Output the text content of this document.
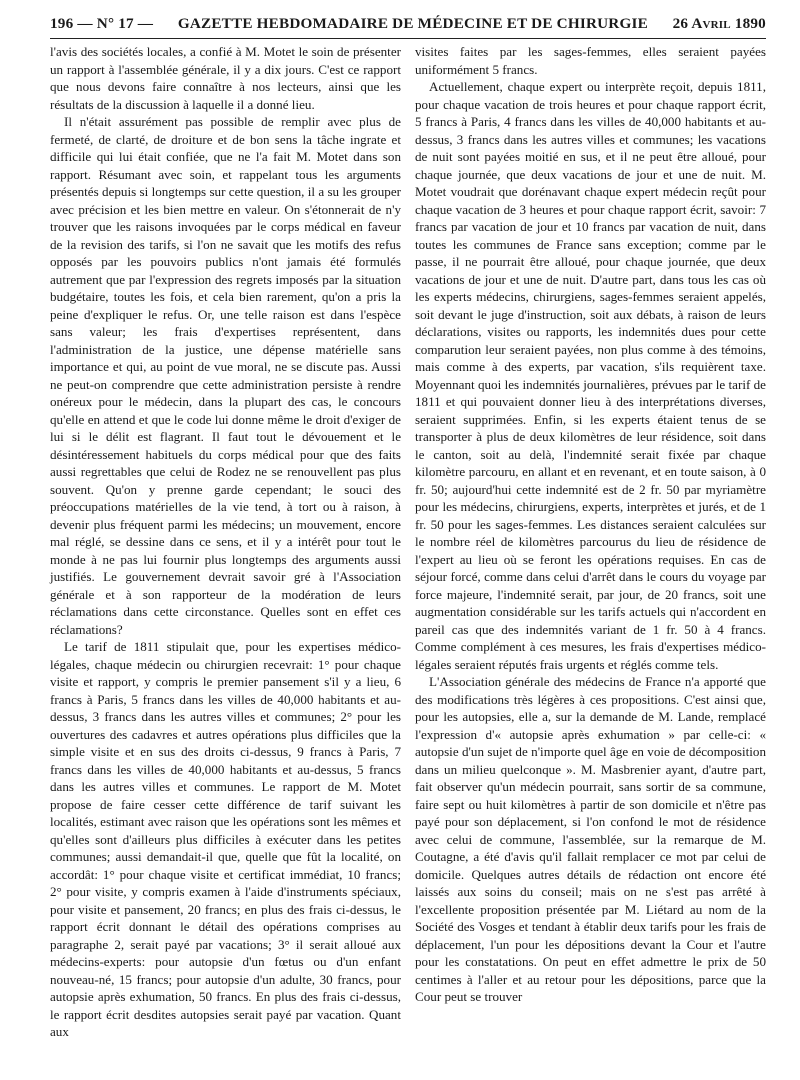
196 — N° 17 — GAZETTE HEBDOMADAIRE DE MÉDECINE ET DE CHIRURGIE 26 Avril 1890

l'avis des sociétés locales, a confié à M. Motet le soin de présenter un rapport à l'assemblée générale, il y a dix jours. C'est ce rapport que nous devons faire connaître à nos lecteurs, ainsi que les résultats de la discussion à laquelle il a donné lieu.

Il n'était assurément pas possible de remplir avec plus de fermeté, de clarté, de droiture et de bon sens la tâche ingrate et difficile qui lui était confiée, que ne l'a fait M. Motet dans son rapport. Résumant avec soin, et rappelant tous les arguments présentés depuis si longtemps sur cette question, il a su les grouper avec précision et les bien mettre en valeur. On s'étonnerait de n'y trouver que les raisons invoquées par le corps médical en faveur de la revision des tarifs, si l'on ne savait que les motifs des refus opposés par les pouvoirs publics n'ont jamais été formulés autrement que par l'expression des regrets imposés par la situation budgétaire, toutes les fois, et cela bien rarement, qu'on a pris la peine d'expliquer le refus. Or, une telle raison est dans l'espèce sans valeur; les frais d'expertises représentent, dans l'administration de la justice, une dépense matérielle sans importance et qui, au point de vue moral, ne se discute pas. Aussi ne peut-on comprendre que cette administration persiste à rendre onéreux pour le médecin, dans la plupart des cas, le concours qu'elle en attend et que le code lui donne même le droit d'exiger de lui si le délit est flagrant. Il faut tout le dévouement et le désintéressement habituels du corps médical pour que des faits aussi regrettables que celui de Rodez ne se renouvellent pas plus souvent. Qu'on y prenne garde cependant; le souci des préoccupations matérielles de la vie tend, à tort ou à raison, à devenir plus fréquent parmi les médecins; un mouvement, encore mal réglé, se dessine dans ce sens, et il y a intérêt pour tout le monde à ne pas lui fournir plus longtemps des arguments aussi justifiés. Le gouvernement devrait savoir gré à l'Association générale et à son rapporteur de la modération de leurs réclamations dans cette circonstance. Quelles sont en effet ces réclamations?

Le tarif de 1811 stipulait que, pour les expertises médico-légales, chaque médecin ou chirurgien recevrait: 1° pour chaque visite et rapport, y compris le premier pansement s'il y a lieu, 6 francs à Paris, 5 francs dans les villes de 40,000 habitants et au-dessus, 3 francs dans les autres villes et communes; 2° pour les ouvertures des cadavres et autres opérations plus difficiles que la simple visite et en sus des droits ci-dessus, 9 francs à Paris, 7 francs dans les villes de 40,000 habitants et au-dessus, 5 francs dans les autres villes et communes. Le rapport de M. Motet propose de faire cesser cette différence de tarif suivant les localités, estimant avec raison que les opérations sont les mêmes et qu'elles sont d'ailleurs plus difficiles à exécuter dans les petites communes; aussi demandait-il que, quelle que fût la localité, on accordât: 1° pour chaque visite et certificat immédiat, 10 francs; 2° pour visite, y compris examen à l'aide d'instruments spéciaux, pour visite et pansement, 20 francs; en plus des frais ci-dessus, le rapport écrit donnant le détail des opérations comprises au paragraphe 2, serait payé par vacations; 3° il serait alloué aux médecins-experts: pour autopsie d'un fœtus ou d'un enfant nouveau-né, 15 francs; pour autopsie d'un adulte, 30 francs, pour autopsie après exhumation, 50 francs. En plus des frais ci-dessus, le rapport écrit desdites autopsies serait payé par vacation. Quant aux

visites faites par les sages-femmes, elles seraient payées uniformément 5 francs.

Actuellement, chaque expert ou interprète reçoit, depuis 1811, pour chaque vacation de trois heures et pour chaque rapport écrit, 5 francs à Paris, 4 francs dans les villes de 40,000 habitants et au-dessus, 3 francs dans les autres villes et communes; les vacations de nuit sont payées moitié en sus, et il ne peut être alloué, pour chaque journée, que deux vacations de jour et une de nuit. M. Motet voudrait que dorénavant chaque expert médecin reçût pour chaque vacation de 3 heures et pour chaque rapport écrit, savoir: 7 francs par vacation de jour et 10 francs par vacation de nuit, dans toutes les communes de France sans exception; comme par le passe, il ne pourrait être alloué, pour chaque journée, que deux vacations de jour et une de nuit. D'autre part, dans tous les cas où les experts médecins, chirurgiens, sages-femmes seraient appelés, soit devant le juge d'instruction, soit aux débats, à raison de leurs déclarations, visites ou rapports, les indemnités dues pour cette comparution leur seraient payées, non plus comme à des témoins, mais comme à des experts, par vacation, s'ils requièrent taxe. Moyennant quoi les indemnités journalières, prévues par le tarif de 1811 et qui pouvaient donner lieu à des interprétations diverses, seraient supprimées. Enfin, si les experts étaient tenus de se transporter à plus de deux kilomètres de leur résidence, soit dans le canton, soit au delà, l'indemnité serait fixée par chaque kilomètre parcouru, en allant et en revenant, et en toute saison, à 0 fr. 50; aujourd'hui cette indemnité est de 2 fr. 50 par myriamètre pour les médecins, chirurgiens, experts, interprètes et jurés, et de 1 fr. 50 pour les sages-femmes. Les distances seraient calculées sur le nombre réel de kilomètres parcourus du lieu de résidence de l'expert au lieu où se feront les opérations requises. En cas de séjour forcé, comme dans celui d'arrêt dans le cours du voyage par force majeure, l'indemnité serait, par jour, de 20 francs, soit une augmentation considérable sur les tarifs actuels qui n'accordent en pareil cas que des indemnités variant de 1 fr. 50 à 4 francs. Comme complément à ces mesures, les frais d'expertises médico-légales seraient réputés frais urgents et réglés comme tels.

L'Association générale des médecins de France n'a apporté que des modifications très légères à ces propositions. C'est ainsi que, pour les autopsies, elle a, sur la demande de M. Lande, remplacé l'expression d'« autopsie après exhumation » par celle-ci: « autopsie d'un sujet de n'importe quel âge en voie de décomposition dans un milieu quelconque ». M. Masbrenier ayant, d'autre part, fait observer qu'un médecin pourrait, sans sortir de sa commune, faire sept ou huit kilomètres à partir de son domicile et n'être pas payé pour son déplacement, si l'on confond le mot de résidence avec celui de commune, l'assemblée, sur la remarque de M. Coutagne, a été d'avis qu'il fallait remplacer ce mot par celui de domicile. Quelques autres détails de rédaction ont encore été laissés aux soins du conseil; mais on ne s'est pas arrêté à l'excellente proposition présentée par M. Liétard au nom de la Société des Vosges et tendant à établir deux tarifs pour les frais de déplacement, l'un pour les dépositions devant la Cour et l'autre pour les constatations. On peut en effet admettre le prix de 50 centimes à l'aller et au retour pour les dépositions, parce que la Cour peut se trouver
